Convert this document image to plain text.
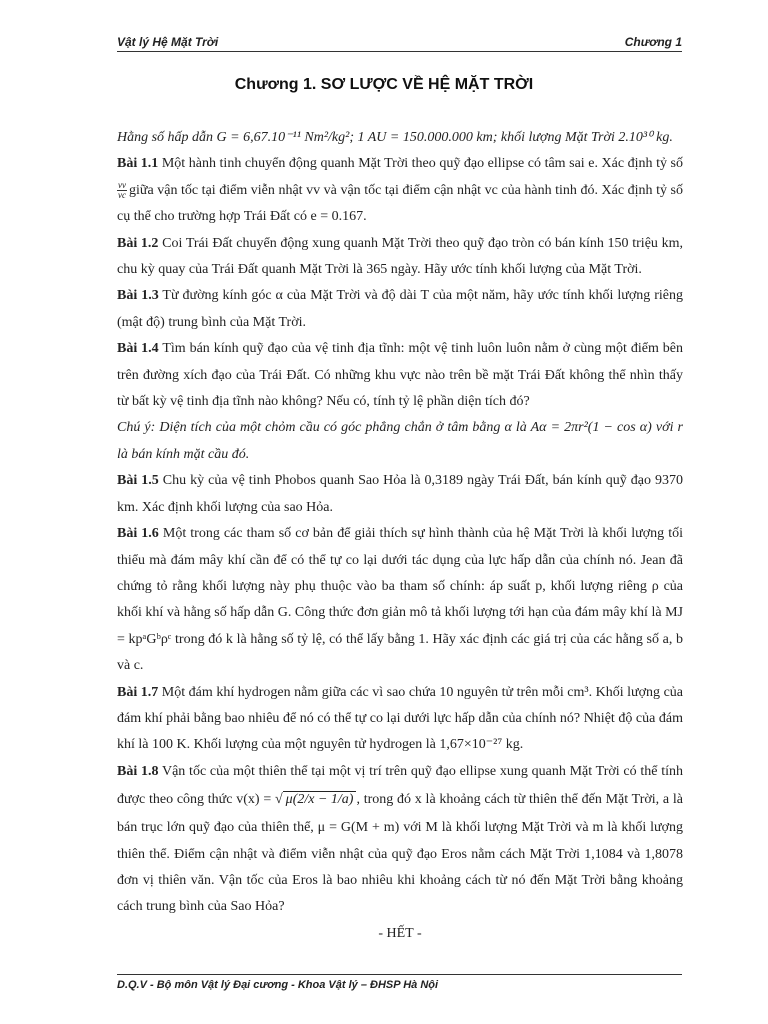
Vật lý Hệ Mặt Trời	Chương 1
Chương 1. SƠ LƯỢC VỀ HỆ MẶT TRỜI

Hằng số hấp dẫn G = 6,67.10⁻¹¹ Nm²/kg²; 1 AU = 150.000.000 km; khối lượng Mặt Trời 2.10³⁰ kg.

Bài 1.1 Một hành tinh chuyển động quanh Mặt Trời theo quỹ đạo ellipse có tâm sai e. Xác định tỷ số
$\frac{vv}{vc}$ giữa vận tốc tại điểm viễn nhật vv và vận tốc tại điểm cận nhật vc của hành tinh đó. Xác định tỷ số cụ thể cho trường hợp Trái Đất có e = 0.167.

Bài 1.2 Coi Trái Đất chuyển động xung quanh Mặt Trời theo quỹ đạo tròn có bán kính 150 triệu km, chu kỳ quay của Trái Đất quanh Mặt Trời là 365 ngày. Hãy ước tính khối lượng của Mặt Trời.

Bài 1.3 Từ đường kính góc α của Mặt Trời và độ dài T của một năm, hãy ước tính khối lượng riêng (mật độ) trung bình của Mặt Trời.

Bài 1.4 Tìm bán kính quỹ đạo của vệ tinh địa tĩnh: một vệ tinh luôn luôn nằm ở cùng một điểm bên trên đường xích đạo của Trái Đất. Có những khu vực nào trên bề mặt Trái Đất không thể nhìn thấy từ bất kỳ vệ tinh địa tĩnh nào không? Nếu có, tính tỷ lệ phần diện tích đó?

Chú ý: Diện tích của một chỏm cầu có góc phẳng chắn ở tâm bằng α là Aα = 2πr²(1 − cos α) với r là bán kính mặt cầu đó.

Bài 1.5 Chu kỳ của vệ tinh Phobos quanh Sao Hỏa là 0,3189 ngày Trái Đất, bán kính quỹ đạo 9370 km. Xác định khối lượng của sao Hỏa.

Bài 1.6 Một trong các tham số cơ bản để giải thích sự hình thành của hệ Mặt Trời là khối lượng tối thiểu mà đám mây khí cần để có thể tự co lại dưới tác dụng của lực hấp dẫn của chính nó. Jean đã chứng tỏ rằng khối lượng này phụ thuộc vào ba tham số chính: áp suất p, khối lượng riêng ρ của khối khí và hằng số hấp dẫn G. Công thức đơn giản mô tả khối lượng tới hạn của đám mây khí là MJ = kpᵃGᵇρᶜ trong đó k là hằng số tỷ lệ, có thể lấy bằng 1. Hãy xác định các giá trị của các hằng số a, b và c.

Bài 1.7 Một đám khí hydrogen nằm giữa các vì sao chứa 10 nguyên tử trên mỗi cm³. Khối lượng của đám khí phải bằng bao nhiêu để nó có thể tự co lại dưới lực hấp dẫn của chính nó? Nhiệt độ của đám khí là 100 K. Khối lượng của một nguyên tử hydrogen là 1,67×10⁻²⁷ kg.

Bài 1.8 Vận tốc của một thiên thể tại một vị trí trên quỹ đạo ellipse xung quanh Mặt Trời có thể tính được theo công thức v(x) = √ μ(2/x − 1/a) , trong đó x là khoảng cách từ thiên thể đến Mặt Trời, a là bán trục lớn quỹ đạo của thiên thể, μ = G(M + m) với M là khối lượng Mặt Trời và m là khối lượng thiên thể. Điểm cận nhật và điểm viễn nhật của quỹ đạo Eros nằm cách Mặt Trời 1,1084 và 1,8078 đơn vị thiên văn. Vận tốc của Eros là bao nhiêu khi khoảng cách từ nó đến Mặt Trời bằng khoảng cách trung bình của Sao Hỏa?

- HẾT -

D.Q.V - Bộ môn Vật lý Đại cương - Khoa Vật lý – ĐHSP Hà Nội
